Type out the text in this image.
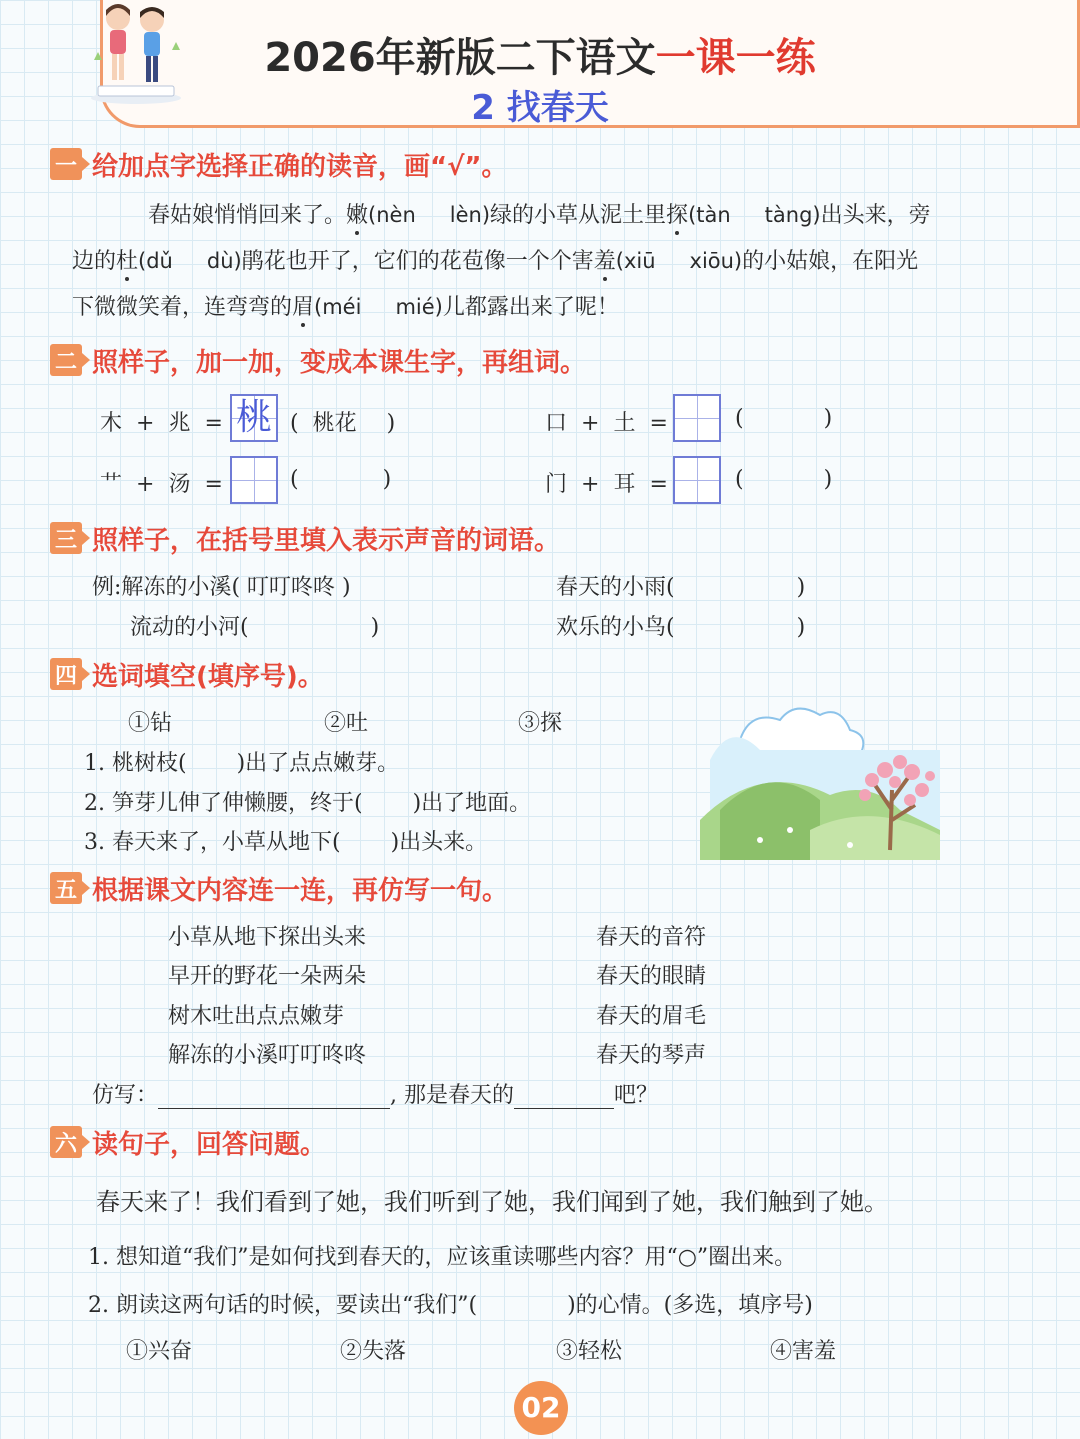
2026年新版二下语文一课一练
2 找春天
一 给加点字选择正确的读音，画“√”。
春姑娘悄悄回来了。嫩(nèn lèn)绿的小草从泥土里探(tàn tàng)出头来，旁
边的杜(dǔ dù)鹃花也开了，它们的花苞像一个个害羞(xiū xiōu)的小姑娘，在阳光
下微微笑着，连弯弯的眉(méi mié)儿都露出来了呢！
二 照样子，加一加，变成本课生字，再组词。
木 + 兆 = 桃 ( 桃花 )	口 + 土 =	(	)
艹 + 汤 =	(	)	门 + 耳 =	(	)
三 照样子，在括号里填入表示声音的词语。
例:解冻的小溪( 叮叮咚咚 )	春天的小雨(	)
流动的小河(	)	欢乐的小鸟(	)
四 选词填空(填序号)。
①钻	②吐	③探
1. 桃树枝( )出了点点嫩芽。
2. 笋芽儿伸了伸懒腰，终于( )出了地面。
3. 春天来了，小草从地下( )出头来。
五 根据课文内容连一连，再仿写一句。
小草从地下探出头来
早开的野花一朵两朵
树木吐出点点嫩芽
解冻的小溪叮叮咚咚
春天的音符
春天的眼睛
春天的眉毛
春天的琴声
仿写：	, 那是春天的	吧？
六 读句子，回答问题。
春天来了！我们看到了她，我们听到了她，我们闻到了她，我们触到了她。
1. 想知道“我们”是如何找到春天的，应该重读哪些内容？用“○”圈出来。
2. 朗读这两句话的时候，要读出“我们”(	)的心情。(多选，填序号)
①兴奋	②失落	③轻松	④害羞
02
